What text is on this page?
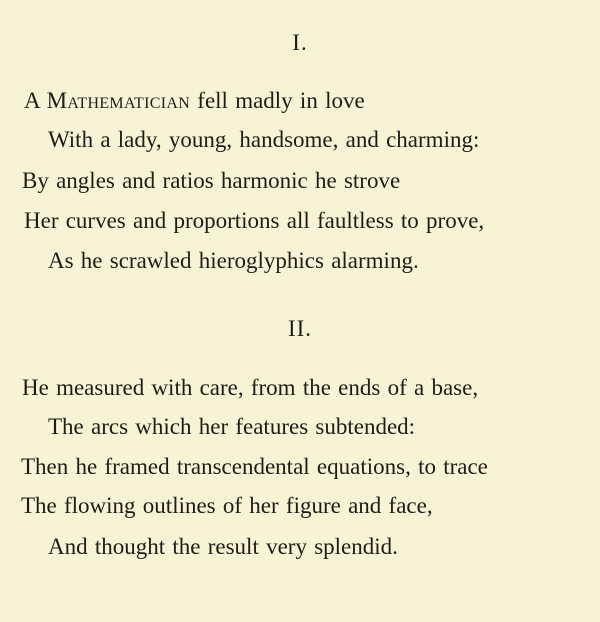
I.
A Mathematician fell madly in love
With a lady, young, handsome, and charming:
By angles and ratios harmonic he strove
Her curves and proportions all faultless to prove,
As he scrawled hieroglyphics alarming.
II.
He measured with care, from the ends of a base,
The arcs which her features subtended:
Then he framed transcendental equations, to trace
The flowing outlines of her figure and face,
And thought the result very splendid.
